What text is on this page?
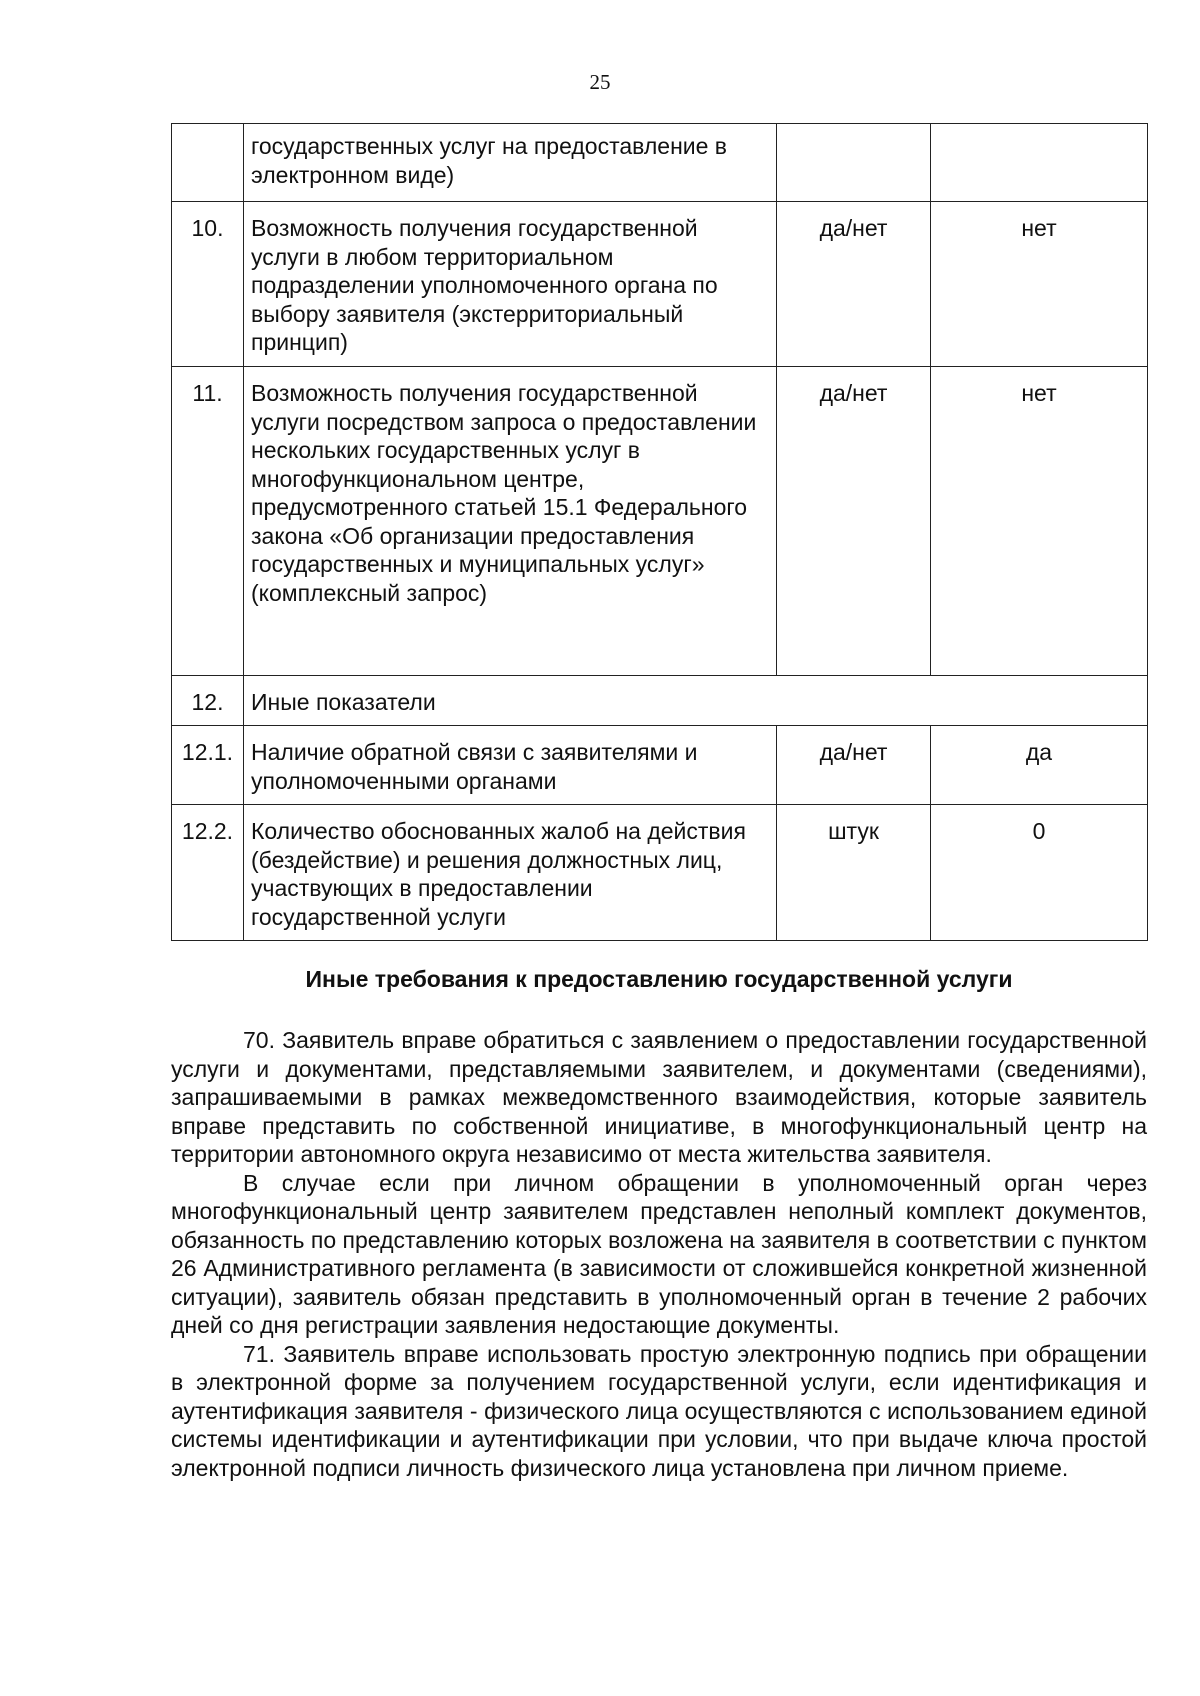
25
	государственных услуг на предоставление в электронном виде)		
10.	Возможность получения государственной услуги в любом территориальном подразделении уполномоченного органа по выбору заявителя (экстерриториальный принцип)	да/нет	нет
11.	Возможность получения государственной услуги посредством запроса о предоставлении нескольких государственных услуг в многофункциональном центре, предусмотренного статьей 15.1 Федерального закона «Об организации предоставления государственных и муниципальных услуг» (комплексный запрос)	да/нет	нет
12.	Иные показатели		
12.1.	Наличие обратной связи с заявителями и уполномоченными органами	да/нет	да
12.2.	Количество обоснованных жалоб на действия (бездействие) и решения должностных лиц, участвующих в предоставлении государственной услуги	штук	0
Иные требования к предоставлению государственной услуги

70. Заявитель вправе обратиться с заявлением о предоставлении государственной услуги и документами, представляемыми заявителем, и документами (сведениями), запрашиваемыми в рамках межведомственного взаимодействия, которые заявитель вправе представить по собственной инициативе, в многофункциональный центр на территории автономного округа независимо от места жительства заявителя.

В случае если при личном обращении в уполномоченный орган через многофункциональный центр заявителем представлен неполный комплект документов, обязанность по представлению которых возложена на заявителя в соответствии с пунктом 26 Административного регламента (в зависимости от сложившейся конкретной жизненной ситуации), заявитель обязан представить в уполномоченный орган в течение 2 рабочих дней со дня регистрации заявления недостающие документы.

71. Заявитель вправе использовать простую электронную подпись при обращении в электронной форме за получением государственной услуги, если идентификация и аутентификация заявителя - физического лица осуществляются с использованием единой системы идентификации и аутентификации при условии, что при выдаче ключа простой электронной подписи личность физического лица установлена при личном приеме.
